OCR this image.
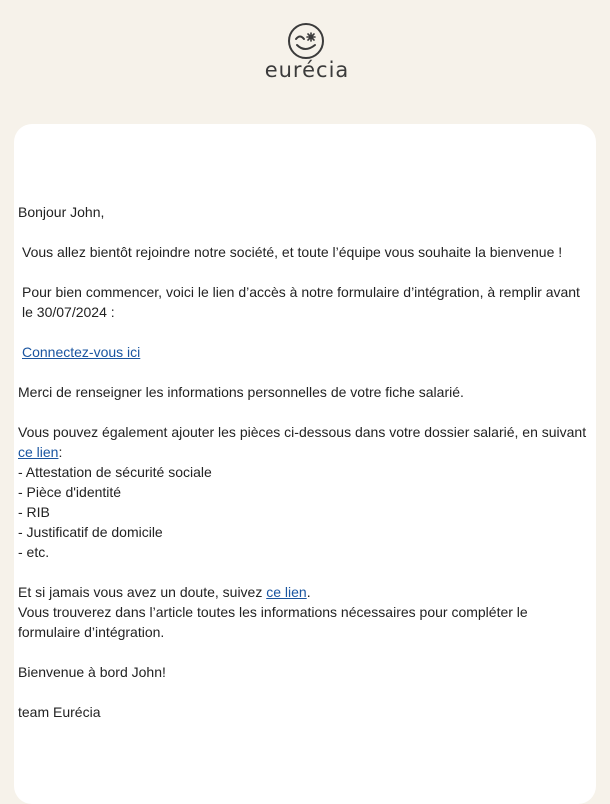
eurécia

Bonjour John,

Vous allez bientôt rejoindre notre société, et toute l’équipe vous souhaite la bienvenue !

Pour bien commencer, voici le lien d’accès à notre formulaire d’intégration, à remplir avant le 30/07/2024 :

Connectez-vous ici

Merci de renseigner les informations personnelles de votre fiche salarié.

Vous pouvez également ajouter les pièces ci-dessous dans votre dossier salarié, en suivant ce lien:

- Attestation de sécurité sociale
- Pièce d'identité
- RIB
- Justificatif de domicile
- etc.

Et si jamais vous avez un doute, suivez ce lien.
Vous trouverez dans l’article toutes les informations nécessaires pour compléter le formulaire d’intégration.

Bienvenue à bord John!

team Eurécia
